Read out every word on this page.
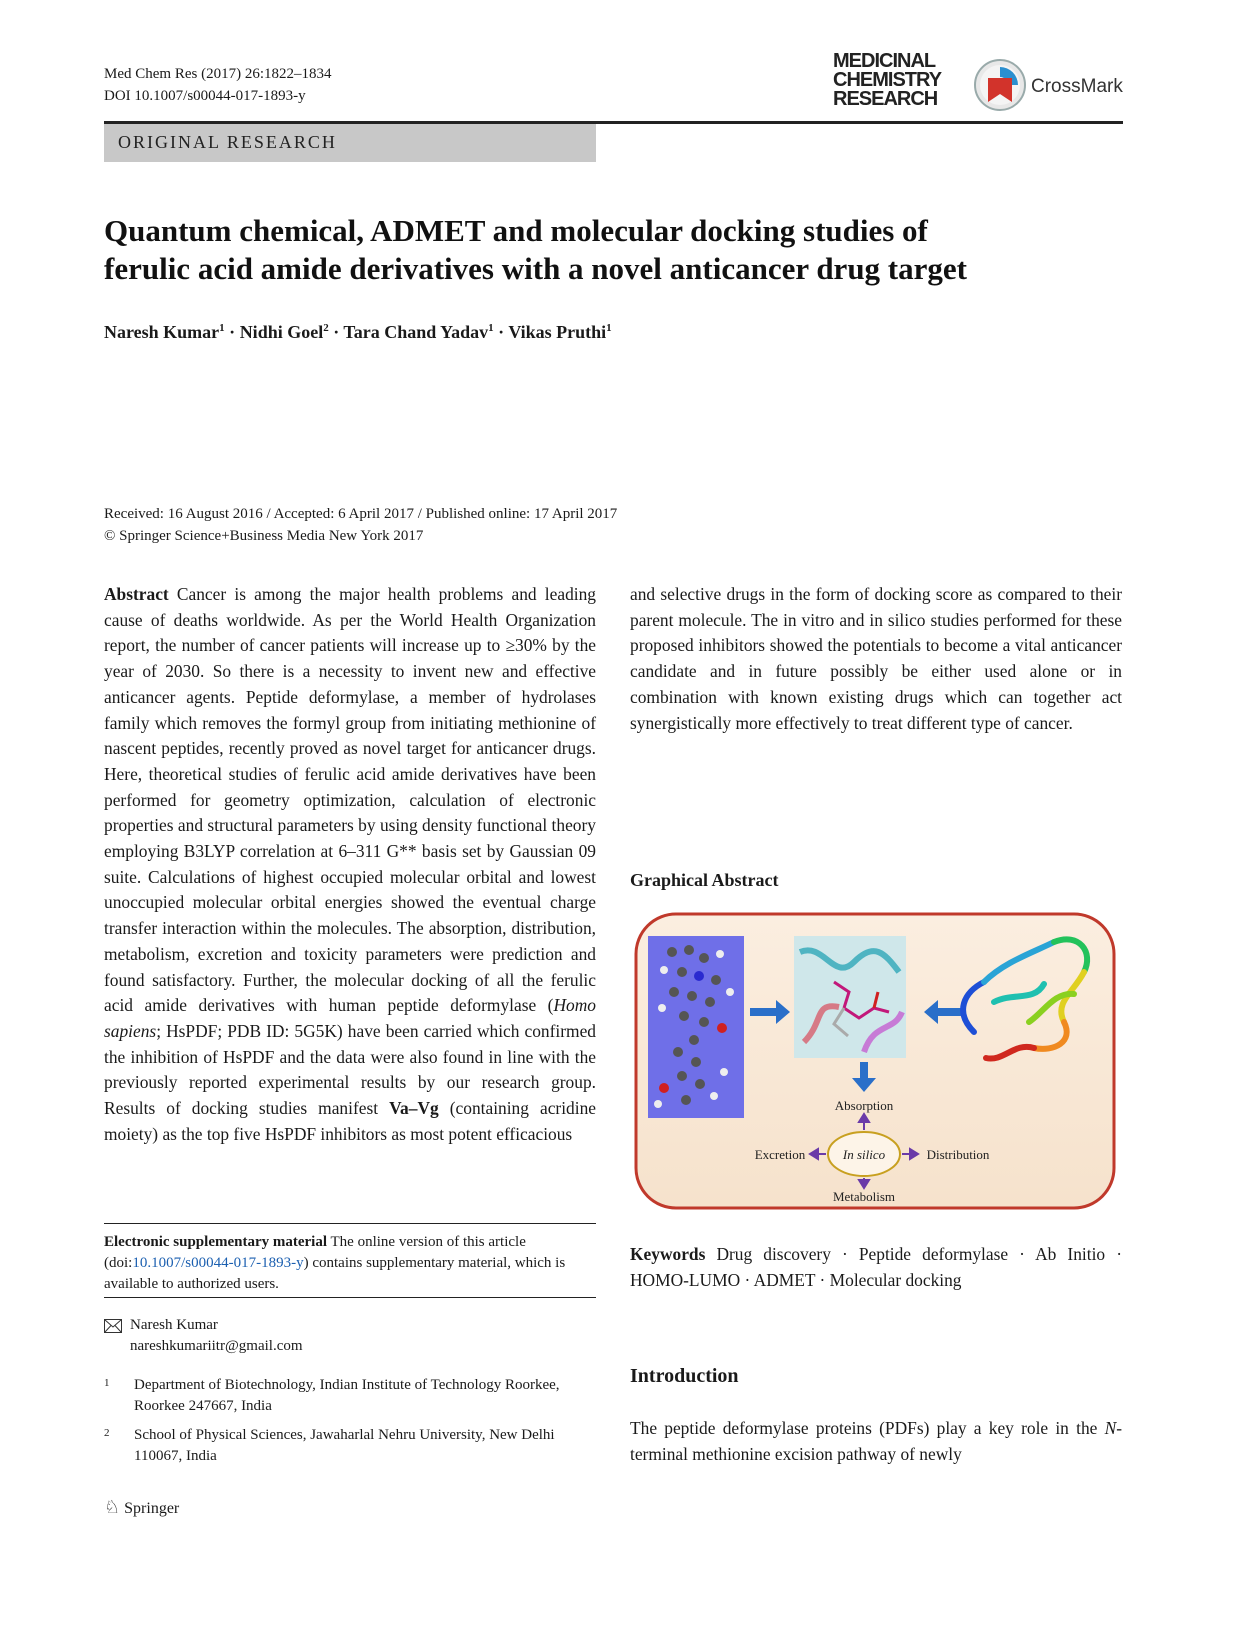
Med Chem Res (2017) 26:1822–1834
DOI 10.1007/s00044-017-1893-y
MEDICINAL
CHEMISTRY
RESEARCH
CrossMark
ORIGINAL RESEARCH
Quantum chemical, ADMET and molecular docking studies of
ferulic acid amide derivatives with a novel anticancer drug target
Naresh Kumar$^1$ · Nidhi Goel$^2$ · Tara Chand Yadav$^1$ · Vikas Pruthi$^1$
Received: 16 August 2016 / Accepted: 6 April 2017 / Published online: 17 April 2017
© Springer Science+Business Media New York 2017
Abstract Cancer is among the major health problems and leading cause of deaths worldwide. As per the World Health Organization report, the number of cancer patients will increase up to ≥30% by the year of 2030. So there is a necessity to invent new and effective anticancer agents. Peptide deformylase, a member of hydrolases family which removes the formyl group from initiating methionine of nascent peptides, recently proved as novel target for anticancer drugs. Here, theoretical studies of ferulic acid amide derivatives have been performed for geometry optimization, calculation of electronic properties and structural parameters by using density functional theory employing B3LYP correlation at 6–311 G** basis set by Gaussian 09 suite. Calculations of highest occupied molecular orbital and lowest unoccupied molecular orbital energies showed the eventual charge transfer interaction within the molecules. The absorption, distribution, metabolism, excretion and toxicity parameters were prediction and found satisfactory. Further, the molecular docking of all the ferulic acid amide derivatives with human peptide deformylase (Homo sapiens; HsPDF; PDB ID: 5G5K) have been carried which confirmed the inhibition of HsPDF and the data were also found in line with the previously reported experimental results by our research group. Results of docking studies manifest Va–Vg (containing acridine moiety) as the top five HsPDF inhibitors as most potent efficacious
Electronic supplementary material The online version of this article (doi:10.1007/s00044-017-1893-y) contains supplementary material, which is available to authorized users.
Naresh Kumar
nareshkumariitr@gmail.com
1 Department of Biotechnology, Indian Institute of Technology Roorkee, Roorkee 247667, India
2 School of Physical Sciences, Jawaharlal Nehru University, New Delhi 110067, India
♘ Springer
and selective drugs in the form of docking score as compared to their parent molecule. The in vitro and in silico studies performed for these proposed inhibitors showed the potentials to become a vital anticancer candidate and in future possibly be either used alone or in combination with known existing drugs which can together act synergistically more effectively to treat different type of cancer.
Graphical Abstract
Absorption
In silico
Excretion	Distribution
Metabolism
Keywords Drug discovery · Peptide deformylase · Ab Initio · HOMO-LUMO · ADMET · Molecular docking
Introduction
The peptide deformylase proteins (PDFs) play a key role in the N-terminal methionine excision pathway of newly
